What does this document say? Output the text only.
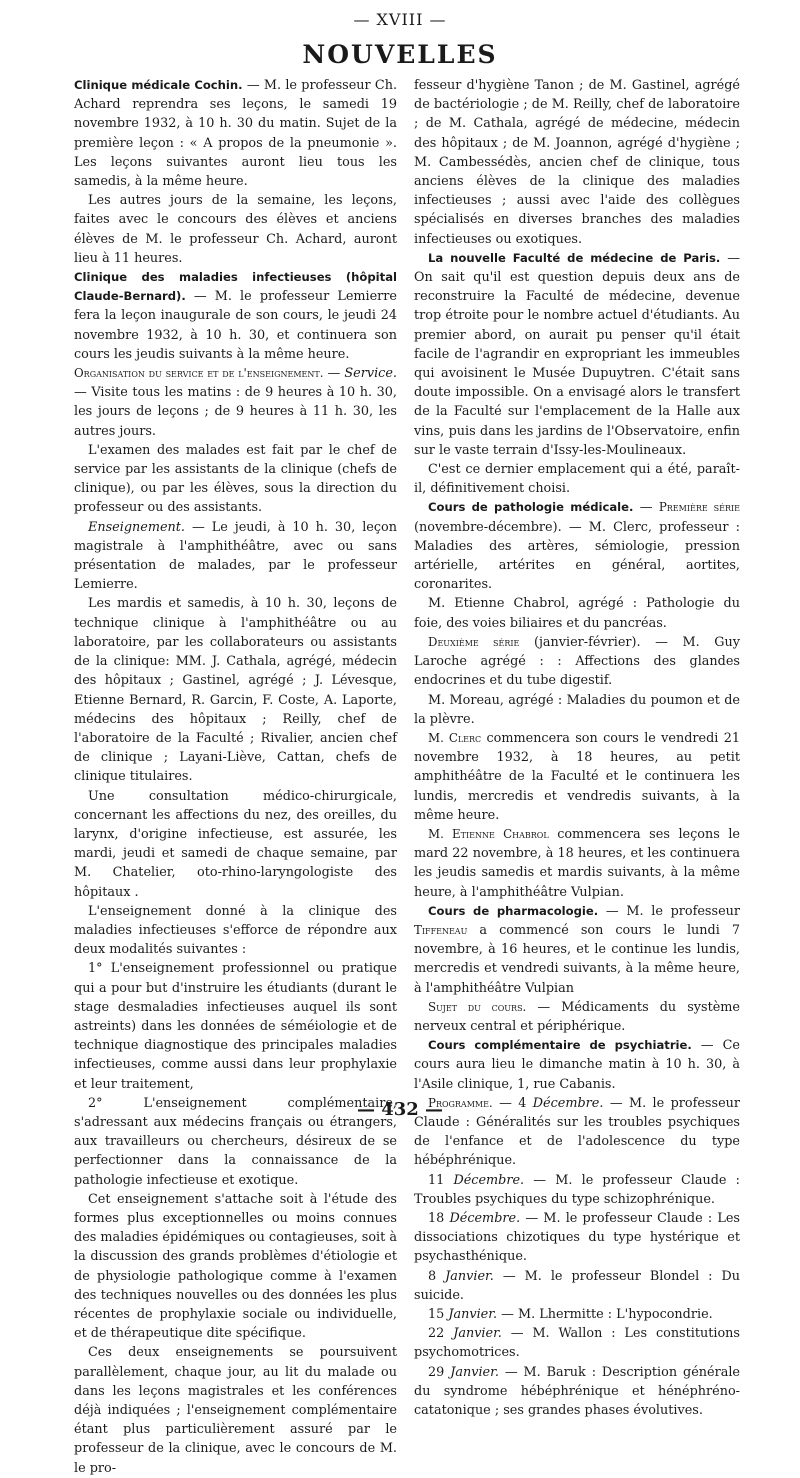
— XVIII —
NOUVELLES

Clinique médicale Cochin. — M. le professeur Ch. Achard reprendra ses leçons, le samedi 19 novembre 1932, à 10 h. 30 du matin. Sujet de la première leçon : « A propos de la pneumonie ». Les leçons suivantes auront lieu tous les samedis, à la même heure.

Les autres jours de la semaine, les leçons, faites avec le concours des élèves et anciens élèves de M. le professeur Ch. Achard, auront lieu à 11 heures.

Clinique des maladies infectieuses (hôpital Claude-Bernard). — M. le professeur Lemierre fera la leçon inaugurale de son cours, le jeudi 24 novembre 1932, à 10 h. 30, et continuera son cours les jeudis suivants à la même heure.

Organisation du service et de l'enseignement. — Service. — Visite tous les matins : de 9 heures à 10 h. 30, les jours de leçons ; de 9 heures à 11 h. 30, les autres jours.

L'examen des malades est fait par le chef de service par les assistants de la clinique (chefs de clinique), ou par les élèves, sous la direction du professeur ou des assistants.

Enseignement. — Le jeudi, à 10 h. 30, leçon magistrale à l'amphithéâtre, avec ou sans présentation de malades, par le professeur Lemierre.

Les mardis et samedis, à 10 h. 30, leçons de technique clinique à l'amphithéâtre ou au laboratoire, par les collaborateurs ou assistants de la clinique: MM. J. Cathala, agrégé, médecin des hôpitaux ; Gastinel, agrégé ; J. Lévesque, Etienne Bernard, R. Garcin, F. Coste, A. Laporte, médecins des hôpitaux ; Reilly, chef de l'aboratoire de la Faculté ; Rivalier, ancien chef de clinique ; Layani-Liève, Cattan, chefs de clinique titulaires.

Une consultation médico-chirurgicale, concernant les affections du nez, des oreilles, du larynx, d'origine infectieuse, est assurée, les mardi, jeudi et samedi de chaque semaine, par M. Chatelier, oto-rhino-laryngologiste des hôpitaux .

L'enseignement donné à la clinique des maladies infectieuses s'efforce de répondre aux deux modalités suivantes :

1° L'enseignement professionnel ou pratique qui a pour but d'instruire les étudiants (durant le stage desmaladies infectieuses auquel ils sont astreints) dans les données de séméiologie et de technique diagnostique des principales maladies infectieuses, comme aussi dans leur prophylaxie et leur traitement,

2° L'enseignement complémentaire, s'adressant aux médecins français ou étrangers, aux travailleurs ou chercheurs, désireux de se perfectionner dans la connaissance de la pathologie infectieuse et exotique.

Cet enseignement s'attache soit à l'étude des formes plus exceptionnelles ou moins connues des maladies épidémiques ou contagieuses, soit à la discussion des grands problèmes d'étiologie et de physiologie pathologique comme à l'examen des techniques nouvelles ou des données les plus récentes de prophylaxie sociale ou individuelle, et de thérapeutique dite spécifique.

Ces deux enseignements se poursuivent parallèlement, chaque jour, au lit du malade ou dans les leçons magistrales et les conférences déjà indiquées ; l'enseignement complémentaire étant plus particulièrement assuré par le professeur de la clinique, avec le concours de M. le pro-

fesseur d'hygiène Tanon ; de M. Gastinel, agrégé de bactériologie ; de M. Reilly, chef de laboratoire ; de M. Cathala, agrégé de médecine, médecin des hôpitaux ; de M. Joannon, agrégé d'hygiène ; M. Cambessédès, ancien chef de clinique, tous anciens élèves de la clinique des maladies infectieuses ; aussi avec l'aide des collègues spécialisés en diverses branches des maladies infectieuses ou exotiques.

La nouvelle Faculté de médecine de Paris. — On sait qu'il est question depuis deux ans de reconstruire la Faculté de médecine, devenue trop étroite pour le nombre actuel d'étudiants. Au premier abord, on aurait pu penser qu'il était facile de l'agrandir en expropriant les immeubles qui avoisinent le Musée Dupuytren. C'était sans doute impossible. On a envisagé alors le transfert de la Faculté sur l'emplacement de la Halle aux vins, puis dans les jardins de l'Observatoire, enfin sur le vaste terrain d'Issy-les-Moulineaux.

C'est ce dernier emplacement qui a été, paraît-il, définitivement choisi.

Cours de pathologie médicale. — Première série (novembre-décembre). — M. Clerc, professeur : Maladies des artères, sémiologie, pression artérielle, artérites en général, aortites, coronarites.

M. Etienne Chabrol, agrégé : Pathologie du foie, des voies biliaires et du pancréas.

Deuxième série (janvier-février). — M. Guy Laroche agrégé : : Affections des glandes endocrines et du tube digestif.

M. Moreau, agrégé : Maladies du poumon et de la plèvre.

M. Clerc commencera son cours le vendredi 21 novembre 1932, à 18 heures, au petit amphithéâtre de la Faculté et le continuera les lundis, mercredis et vendredis suivants, à la même heure.

M. Etienne Chabrol commencera ses leçons le mard 22 novembre, à 18 heures, et les continuera les jeudis samedis et mardis suivants, à la même heure, à l'amphithéâtre Vulpian.

Cours de pharmacologie. — M. le professeur Tiffeneau a commencé son cours le lundi 7 novembre, à 16 heures, et le continue les lundis, mercredis et vendredi suivants, à la même heure, à l'amphithéâtre Vulpian

Sujet du cours. — Médicaments du système nerveux central et périphérique.

Cours complémentaire de psychiatrie. — Ce cours aura lieu le dimanche matin à 10 h. 30, à l'Asile clinique, 1, rue Cabanis.

Programme. — 4 Décembre. — M. le professeur Claude : Généralités sur les troubles psychiques de l'enfance et de l'adolescence du type hébéphrénique.

11 Décembre. — M. le professeur Claude : Troubles psychiques du type schizophrénique.

18 Décembre. — M. le professeur Claude : Les dissociations chizotiques du type hystérique et psychasthénique.

8 Janvier. — M. le professeur Blondel : Du suicide.

15 Janvier. — M. Lhermitte : L'hypocondrie.

22 Janvier. — M. Wallon : Les constitutions psychomotrices.

29 Janvier. — M. Baruk : Description générale du syndrome hébéphrénique et hénéphréno-catatonique ; ses grandes phases évolutives.

— 432 —
